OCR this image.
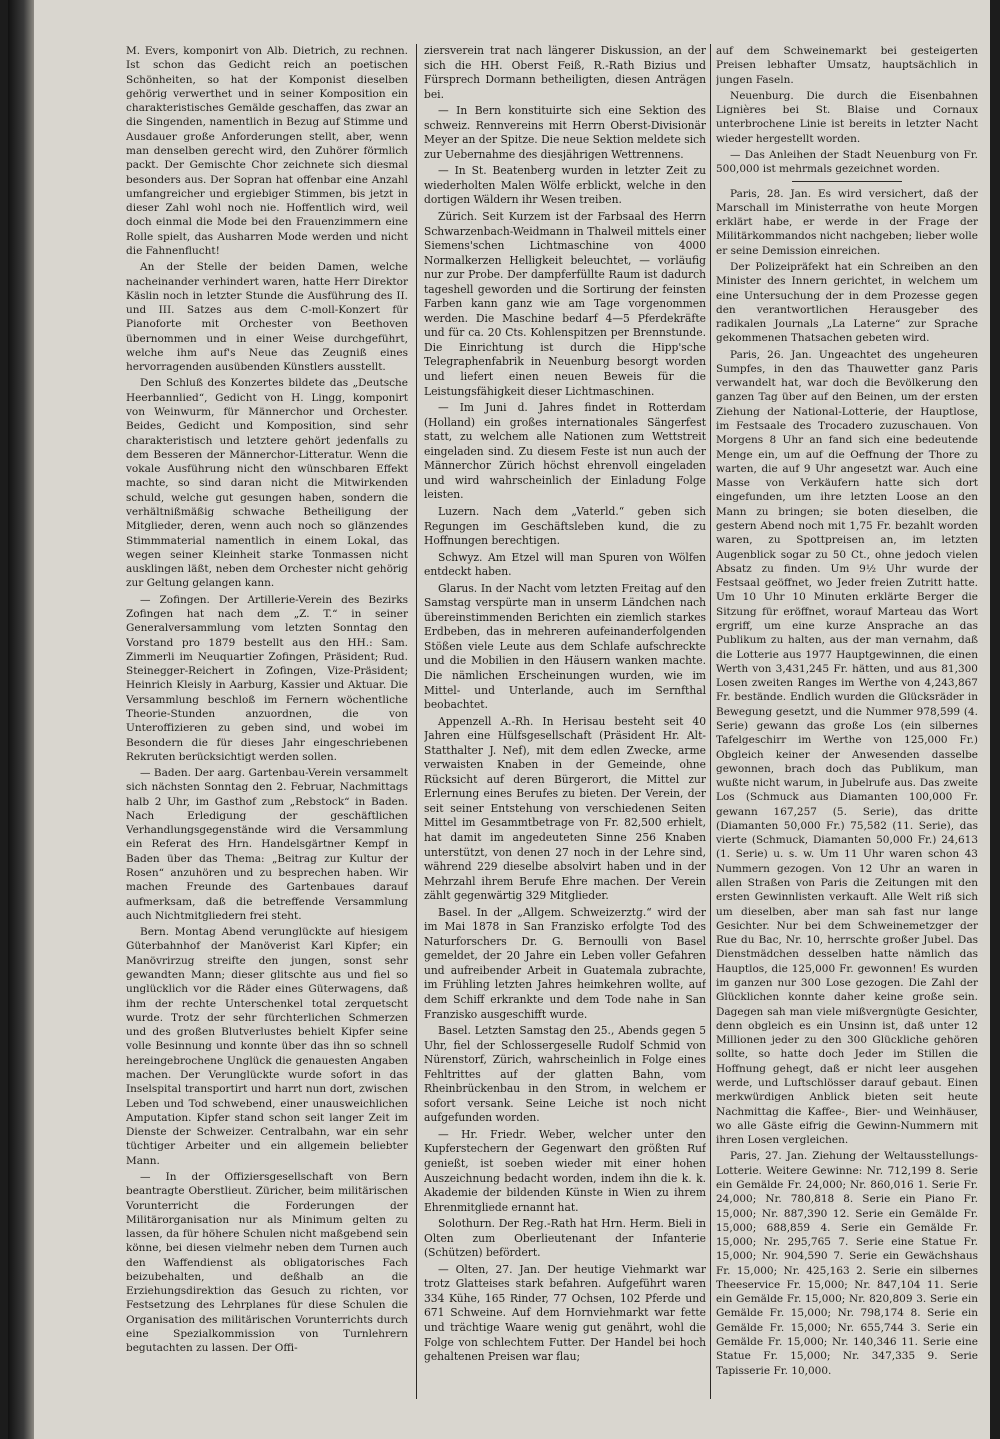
M. Evers, komponirt von Alb. Dietrich, zu rechnen. Ist schon das Gedicht reich an poetischen Schönheiten, so hat der Komponist dieselben gehörig verwerthet und in seiner Komposition ein charakteristisches Gemälde geschaffen, das zwar an die Singenden, namentlich in Bezug auf Stimme und Ausdauer große Anforderungen stellt, aber, wenn man denselben gerecht wird, den Zuhörer förmlich packt. Der Gemischte Chor zeichnete sich diesmal besonders aus. Der Sopran hat offenbar eine Anzahl umfangreicher und ergiebiger Stimmen, bis jetzt in dieser Zahl wohl noch nie. Hoffentlich wird, weil doch einmal die Mode bei den Frauenzimmern eine Rolle spielt, das Ausharren Mode werden und nicht die Fahnenflucht!

An der Stelle der beiden Damen, welche nacheinander verhindert waren, hatte Herr Direktor Käslin noch in letzter Stunde die Ausführung des II. und III. Satzes aus dem C-moll-Konzert für Pianoforte mit Orchester von Beethoven übernommen und in einer Weise durchgeführt, welche ihm auf's Neue das Zeugniß eines hervorragenden ausübenden Künstlers ausstellt.

Den Schluß des Konzertes bildete das „Deutsche Heerbannlied“, Gedicht von H. Lingg, komponirt von Weinwurm, für Männerchor und Orchester. Beides, Gedicht und Komposition, sind sehr charakteristisch und letztere gehört jedenfalls zu dem Besseren der Männerchor-Litteratur. Wenn die vokale Ausführung nicht den wünschbaren Effekt machte, so sind daran nicht die Mitwirkenden schuld, welche gut gesungen haben, sondern die verhältnißmäßig schwache Betheiligung der Mitglieder, deren, wenn auch noch so glänzendes Stimmmaterial namentlich in einem Lokal, das wegen seiner Kleinheit starke Tonmassen nicht ausklingen läßt, neben dem Orchester nicht gehörig zur Geltung gelangen kann.

— Zofingen. Der Artillerie-Verein des Bezirks Zofingen hat nach dem „Z. T.“ in seiner Generalversammlung vom letzten Sonntag den Vorstand pro 1879 bestellt aus den HH.: Sam. Zimmerli im Neuquartier Zofingen, Präsident; Rud. Steinegger-Reichert in Zofingen, Vize-Präsident; Heinrich Kleisly in Aarburg, Kassier und Aktuar. Die Versammlung beschloß im Fernern wöchentliche Theorie-Stunden anzuordnen, die von Unteroffizieren zu geben sind, und wobei im Besondern die für dieses Jahr eingeschriebenen Rekruten berücksichtigt werden sollen.

— Baden. Der aarg. Gartenbau-Verein versammelt sich nächsten Sonntag den 2. Februar, Nachmittags halb 2 Uhr, im Gasthof zum „Rebstock“ in Baden. Nach Erledigung der geschäftlichen Verhandlungsgegenstände wird die Versammlung ein Referat des Hrn. Handelsgärtner Kempf in Baden über das Thema: „Beitrag zur Kultur der Rosen“ anzuhören und zu besprechen haben. Wir machen Freunde des Gartenbaues darauf aufmerksam, daß die betreffende Versammlung auch Nichtmitgliedern frei steht.

Bern. Montag Abend verunglückte auf hiesigem Güterbahnhof der Manöverist Karl Kipfer; ein Manövrirzug streifte den jungen, sonst sehr gewandten Mann; dieser glitschte aus und fiel so unglücklich vor die Räder eines Güterwagens, daß ihm der rechte Unterschenkel total zerquetscht wurde. Trotz der sehr fürchterlichen Schmerzen und des großen Blutverlustes behielt Kipfer seine volle Besinnung und konnte über das ihn so schnell hereingebrochene Unglück die genauesten Angaben machen. Der Verunglückte wurde sofort in das Inselspital transportirt und harrt nun dort, zwischen Leben und Tod schwebend, einer unausweichlichen Amputation. Kipfer stand schon seit langer Zeit im Dienste der Schweizer. Centralbahn, war ein sehr tüchtiger Arbeiter und ein allgemein beliebter Mann.

— In der Offiziersgesellschaft von Bern beantragte Oberstlieut. Züricher, beim militärischen Vorunterricht die Forderungen der Militärorganisation nur als Minimum gelten zu lassen, da für höhere Schulen nicht maßgebend sein könne, bei diesen vielmehr neben dem Turnen auch den Waffendienst als obligatorisches Fach beizubehalten, und deßhalb an die Erziehungsdirektion das Gesuch zu richten, vor Festsetzung des Lehrplanes für diese Schulen die Organisation des militärischen Vorunterrichts durch eine Spezialkommission von Turnlehrern begutachten zu lassen. Der Offi-

ziersverein trat nach längerer Diskussion, an der sich die HH. Oberst Feiß, R.-Rath Bizius und Fürsprech Dormann betheiligten, diesen Anträgen bei.

— In Bern konstituirte sich eine Sektion des schweiz. Rennvereins mit Herrn Oberst-Divisionär Meyer an der Spitze. Die neue Sektion meldete sich zur Uebernahme des diesjährigen Wettrennens.

— In St. Beatenberg wurden in letzter Zeit zu wiederholten Malen Wölfe erblickt, welche in den dortigen Wäldern ihr Wesen treiben.

Zürich. Seit Kurzem ist der Farbsaal des Herrn Schwarzenbach-Weidmann in Thalweil mittels einer Siemens'schen Lichtmaschine von 4000 Normalkerzen Helligkeit beleuchtet, — vorläufig nur zur Probe. Der dampferfüllte Raum ist dadurch tageshell geworden und die Sortirung der feinsten Farben kann ganz wie am Tage vorgenommen werden. Die Maschine bedarf 4—5 Pferdekräfte und für ca. 20 Cts. Kohlenspitzen per Brennstunde. Die Einrichtung ist durch die Hipp'sche Telegraphenfabrik in Neuenburg besorgt worden und liefert einen neuen Beweis für die Leistungsfähigkeit dieser Lichtmaschinen.

— Im Juni d. Jahres findet in Rotterdam (Holland) ein großes internationales Sängerfest statt, zu welchem alle Nationen zum Wettstreit eingeladen sind. Zu diesem Feste ist nun auch der Männerchor Zürich höchst ehrenvoll eingeladen und wird wahrscheinlich der Einladung Folge leisten.

Luzern. Nach dem „Vaterld.“ geben sich Regungen im Geschäftsleben kund, die zu Hoffnungen berechtigen.

Schwyz. Am Etzel will man Spuren von Wölfen entdeckt haben.

Glarus. In der Nacht vom letzten Freitag auf den Samstag verspürte man in unserm Ländchen nach übereinstimmenden Berichten ein ziemlich starkes Erdbeben, das in mehreren aufeinanderfolgenden Stößen viele Leute aus dem Schlafe aufschreckte und die Mobilien in den Häusern wanken machte. Die nämlichen Erscheinungen wurden, wie im Mittel- und Unterlande, auch im Sernfthal beobachtet.

Appenzell A.-Rh. In Herisau besteht seit 40 Jahren eine Hülfsgesellschaft (Präsident Hr. Alt-Statthalter J. Nef), mit dem edlen Zwecke, arme verwaisten Knaben in der Gemeinde, ohne Rücksicht auf deren Bürgerort, die Mittel zur Erlernung eines Berufes zu bieten. Der Verein, der seit seiner Entstehung von verschiedenen Seiten Mittel im Gesammtbetrage von Fr. 82,500 erhielt, hat damit im angedeuteten Sinne 256 Knaben unterstützt, von denen 27 noch in der Lehre sind, während 229 dieselbe absolvirt haben und in der Mehrzahl ihrem Berufe Ehre machen. Der Verein zählt gegenwärtig 329 Mitglieder.

Basel. In der „Allgem. Schweizerztg.“ wird der im Mai 1878 in San Franzisko erfolgte Tod des Naturforschers Dr. G. Bernoulli von Basel gemeldet, der 20 Jahre ein Leben voller Gefahren und aufreibender Arbeit in Guatemala zubrachte, im Frühling letzten Jahres heimkehren wollte, auf dem Schiff erkrankte und dem Tode nahe in San Franzisko ausgeschifft wurde.

Basel. Letzten Samstag den 25., Abends gegen 5 Uhr, fiel der Schlossergeselle Rudolf Schmid von Nürenstorf, Zürich, wahrscheinlich in Folge eines Fehltrittes auf der glatten Bahn, vom Rheinbrückenbau in den Strom, in welchem er sofort versank. Seine Leiche ist noch nicht aufgefunden worden.

— Hr. Friedr. Weber, welcher unter den Kupferstechern der Gegenwart den größten Ruf genießt, ist soeben wieder mit einer hohen Auszeichnung bedacht worden, indem ihn die k. k. Akademie der bildenden Künste in Wien zu ihrem Ehrenmitgliede ernannt hat.

Solothurn. Der Reg.-Rath hat Hrn. Herm. Bieli in Olten zum Oberlieutenant der Infanterie (Schützen) befördert.

— Olten, 27. Jan. Der heutige Viehmarkt war trotz Glatteises stark befahren. Aufgeführt waren 334 Kühe, 165 Rinder, 77 Ochsen, 102 Pferde und 671 Schweine. Auf dem Hornviehmarkt war fette und trächtige Waare wenig gut genährt, wohl die Folge von schlechtem Futter. Der Handel bei hoch gehaltenen Preisen war flau;

auf dem Schweinemarkt bei gesteigerten Preisen lebhafter Umsatz, hauptsächlich in jungen Faseln.

Neuenburg. Die durch die Eisenbahnen Lignières bei St. Blaise und Cornaux unterbrochene Linie ist bereits in letzter Nacht wieder hergestellt worden.

— Das Anleihen der Stadt Neuenburg von Fr. 500,000 ist mehrmals gezeichnet worden.

Paris, 28. Jan. Es wird versichert, daß der Marschall im Ministerrathe von heute Morgen erklärt habe, er werde in der Frage der Militärkommandos nicht nachgeben; lieber wolle er seine Demission einreichen.

Der Polizeipräfekt hat ein Schreiben an den Minister des Innern gerichtet, in welchem um eine Untersuchung der in dem Prozesse gegen den verantwortlichen Herausgeber des radikalen Journals „La Laterne“ zur Sprache gekommenen Thatsachen gebeten wird.

Paris, 26. Jan. Ungeachtet des ungeheuren Sumpfes, in den das Thauwetter ganz Paris verwandelt hat, war doch die Bevölkerung den ganzen Tag über auf den Beinen, um der ersten Ziehung der National-Lotterie, der Hauptlose, im Festsaale des Trocadero zuzuschauen. Von Morgens 8 Uhr an fand sich eine bedeutende Menge ein, um auf die Oeffnung der Thore zu warten, die auf 9 Uhr angesetzt war. Auch eine Masse von Verkäufern hatte sich dort eingefunden, um ihre letzten Loose an den Mann zu bringen; sie boten dieselben, die gestern Abend noch mit 1,75 Fr. bezahlt worden waren, zu Spottpreisen an, im letzten Augenblick sogar zu 50 Ct., ohne jedoch vielen Absatz zu finden. Um 9½ Uhr wurde der Festsaal geöffnet, wo Jeder freien Zutritt hatte. Um 10 Uhr 10 Minuten erklärte Berger die Sitzung für eröffnet, worauf Marteau das Wort ergriff, um eine kurze Ansprache an das Publikum zu halten, aus der man vernahm, daß die Lotterie aus 1977 Hauptgewinnen, die einen Werth von 3,431,245 Fr. hätten, und aus 81,300 Losen zweiten Ranges im Werthe von 4,243,867 Fr. bestände. Endlich wurden die Glücksräder in Bewegung gesetzt, und die Nummer 978,599 (4. Serie) gewann das große Los (ein silbernes Tafelgeschirr im Werthe von 125,000 Fr.) Obgleich keiner der Anwesenden dasselbe gewonnen, brach doch das Publikum, man wußte nicht warum, in Jubelrufe aus. Das zweite Los (Schmuck aus Diamanten 100,000 Fr. gewann 167,257 (5. Serie), das dritte (Diamanten 50,000 Fr.) 75,582 (11. Serie), das vierte (Schmuck, Diamanten 50,000 Fr.) 24,613 (1. Serie) u. s. w. Um 11 Uhr waren schon 43 Nummern gezogen. Von 12 Uhr an waren in allen Straßen von Paris die Zeitungen mit den ersten Gewinnlisten verkauft. Alle Welt riß sich um dieselben, aber man sah fast nur lange Gesichter. Nur bei dem Schweinemetzger der Rue du Bac, Nr. 10, herrschte großer Jubel. Das Dienstmädchen desselben hatte nämlich das Hauptlos, die 125,000 Fr. gewonnen! Es wurden im ganzen nur 300 Lose gezogen. Die Zahl der Glücklichen konnte daher keine große sein. Dagegen sah man viele mißvergnügte Gesichter, denn obgleich es ein Unsinn ist, daß unter 12 Millionen jeder zu den 300 Glückliche gehören sollte, so hatte doch Jeder im Stillen die Hoffnung gehegt, daß er nicht leer ausgehen werde, und Luftschlösser darauf gebaut. Einen merkwürdigen Anblick bieten seit heute Nachmittag die Kaffee-, Bier- und Weinhäuser, wo alle Gäste eifrig die Gewinn-Nummern mit ihren Losen vergleichen.

Paris, 27. Jan. Ziehung der Weltausstellungs-Lotterie. Weitere Gewinne: Nr. 712,199 8. Serie ein Gemälde Fr. 24,000; Nr. 860,016 1. Serie Fr. 24,000; Nr. 780,818 8. Serie ein Piano Fr. 15,000; Nr. 887,390 12. Serie ein Gemälde Fr. 15,000; 688,859 4. Serie ein Gemälde Fr. 15,000; Nr. 295,765 7. Serie eine Statue Fr. 15,000; Nr. 904,590 7. Serie ein Gewächshaus Fr. 15,000; Nr. 425,163 2. Serie ein silbernes Theeservice Fr. 15,000; Nr. 847,104 11. Serie ein Gemälde Fr. 15,000; Nr. 820,809 3. Serie ein Gemälde Fr. 15,000; Nr. 798,174 8. Serie ein Gemälde Fr. 15,000; Nr. 655,744 3. Serie ein Gemälde Fr. 15,000; Nr. 140,346 11. Serie eine Statue Fr. 15,000; Nr. 347,335 9. Serie Tapisserie Fr. 10,000.
